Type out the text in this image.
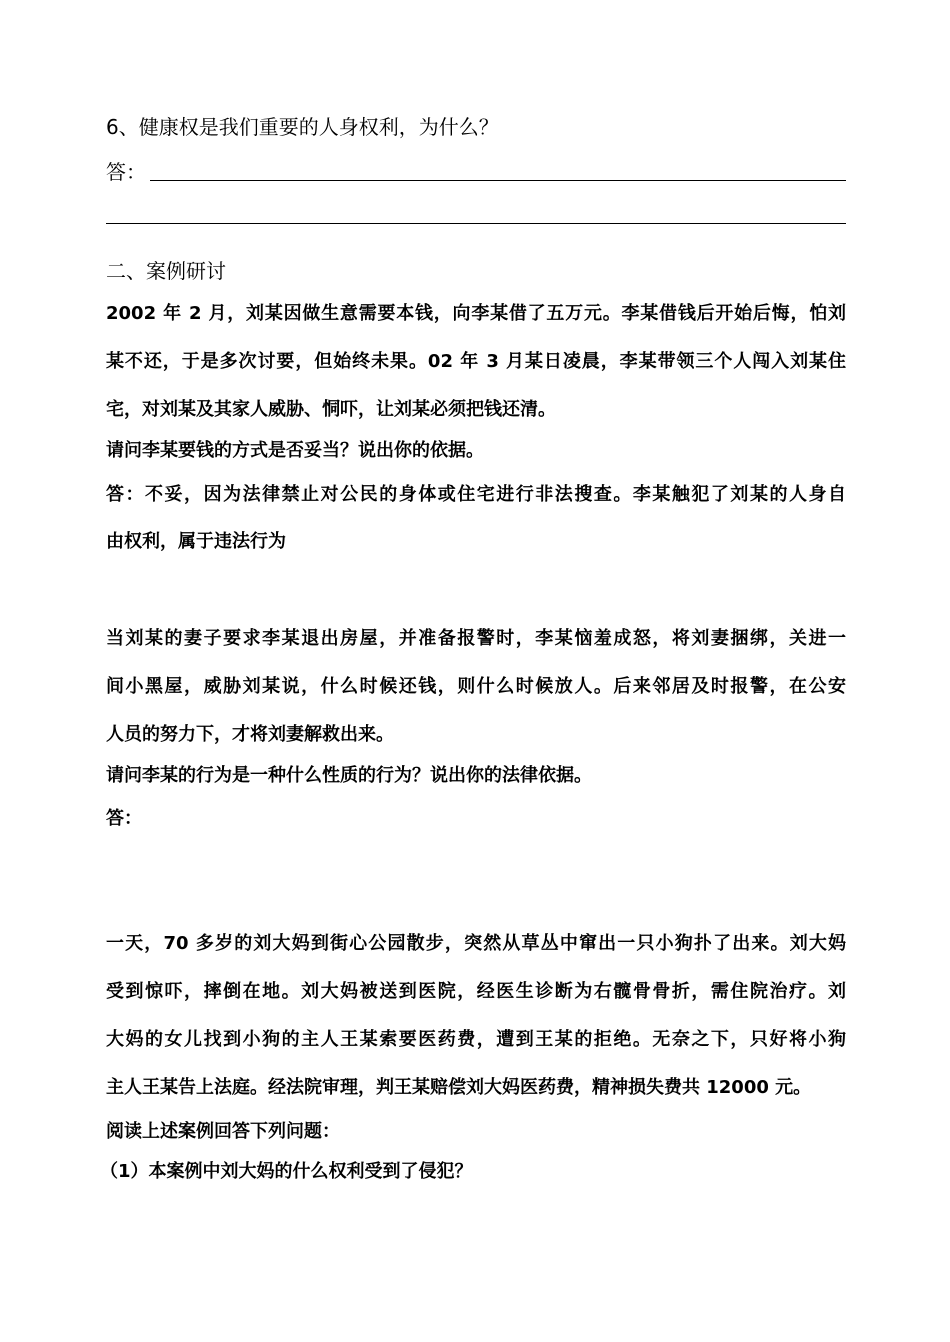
6、健康权是我们重要的人身权利，为什么？
答：
二、案例研讨
2002 年 2 月，刘某因做生意需要本钱，向李某借了五万元。李某借钱后开始后悔，怕刘
某不还，于是多次讨要，但始终未果。02 年 3 月某日凌晨，李某带领三个人闯入刘某住
宅，对刘某及其家人威胁、恫吓，让刘某必须把钱还清。
请问李某要钱的方式是否妥当？说出你的依据。
答：不妥，因为法律禁止对公民的身体或住宅进行非法搜查。李某触犯了刘某的人身自
由权利，属于违法行为
当刘某的妻子要求李某退出房屋，并准备报警时，李某恼羞成怒，将刘妻捆绑，关进一
间小黑屋，威胁刘某说，什么时候还钱，则什么时候放人。后来邻居及时报警，在公安
人员的努力下，才将刘妻解救出来。
请问李某的行为是一种什么性质的行为？说出你的法律依据。
答：
一天，70 多岁的刘大妈到街心公园散步，突然从草丛中窜出一只小狗扑了出来。刘大妈
受到惊吓，摔倒在地。刘大妈被送到医院，经医生诊断为右髋骨骨折，需住院治疗。刘
大妈的女儿找到小狗的主人王某索要医药费，遭到王某的拒绝。无奈之下，只好将小狗
主人王某告上法庭。经法院审理，判王某赔偿刘大妈医药费，精神损失费共 12000 元。
阅读上述案例回答下列问题：
（1）本案例中刘大妈的什么权利受到了侵犯？
